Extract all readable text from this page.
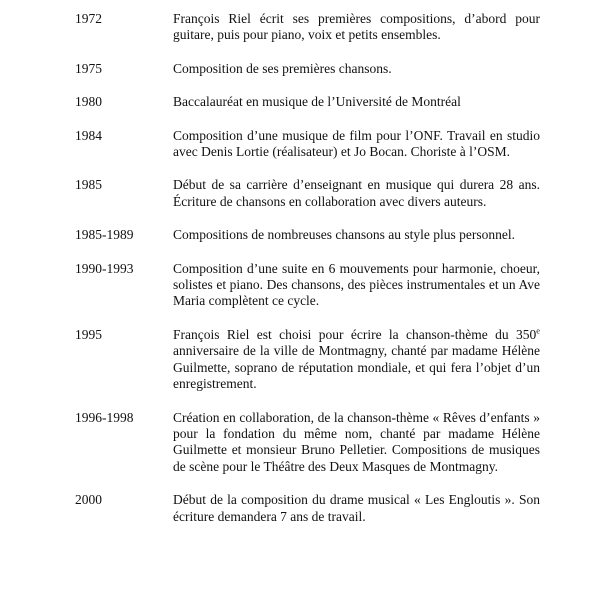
1972	François Riel écrit ses premières compositions, d’abord pour guitare, puis pour piano, voix et petits ensembles.
1975	Composition de ses premières chansons.
1980	Baccalauréat en musique de l’Université de Montréal
1984	Composition d’une musique de film pour l’ONF. Travail en studio avec Denis Lortie (réalisateur) et Jo Bocan. Choriste à l’OSM.
1985	Début de sa carrière d’enseignant en musique qui durera 28 ans. Écriture de chansons en collaboration avec divers auteurs.
1985-1989	Compositions de nombreuses chansons au style plus personnel.
1990-1993	Composition d’une suite en 6 mouvements pour harmonie, choeur, solistes et piano. Des chansons, des pièces instrumentales et un Ave Maria complètent ce cycle.
1995	François Riel est choisi pour écrire la chanson-thème du 350e anniversaire de la ville de Montmagny, chanté par madame Hélène Guilmette, soprano de réputation mondiale, et qui fera l’objet d’un enregistrement.
1996-1998	Création en collaboration, de la chanson-thème « Rêves d’enfants » pour la fondation du même nom, chanté par madame Hélène Guilmette et monsieur Bruno Pelletier. Compositions de musiques de scène pour le Théâtre des Deux Masques de Montmagny.
2000	Début de la composition du drame musical « Les Engloutis ». Son écriture demandera 7 ans de travail.
